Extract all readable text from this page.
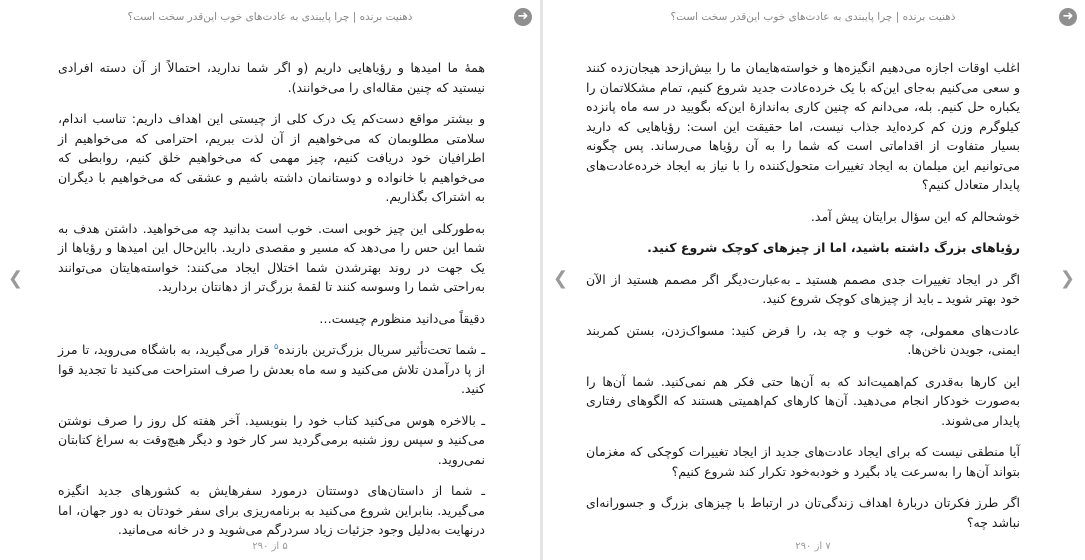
ذهنیت برنده | چرا پایبندی به عادت‌های خوب این‌قدر سخت است؟	➜
❮

همهٔ ما امیدها و رؤیاهایی داریم (و اگر شما ندارید، احتمالاً از آن دسته افرادی نیستید که چنین مقاله‌ای را می‌خوانند).

و بیشتر مواقع دست‌کم یک درک کلی از چیستی این اهداف داریم: تناسب اندام، سلامتی مطلوبمان که می‌خواهیم از آن لذت ببریم، احترامی که می‌خواهیم از اطرافیان خود دریافت کنیم، چیز مهمی که می‌خواهیم خلق کنیم، روابطی که می‌خواهیم با خانواده و دوستانمان داشته باشیم و عشقی که می‌خواهیم با دیگران به اشتراک بگذاریم.

به‌طورکلی این چیز خوبی است. خوب است بدانید چه می‌خواهید. داشتن هدف به شما این حس را می‌دهد که مسیر و مقصدی دارید. بااین‌حال این امیدها و رؤیاها از یک جهت در روند بهترشدن شما اختلال ایجاد می‌کنند: خواسته‌هایتان می‌توانند به‌راحتی شما را وسوسه کنند تا لقمهٔ بزرگ‌تر از دهانتان بردارید.

دقیقاً می‌دانید منظورم چیست…

ـ شما تحت‌تأثیر سریال بزرگ‌ترین بازنده$^۵$ قرار می‌گیرید، به باشگاه می‌روید، تا مرز از پا درآمدن تلاش می‌کنید و سه ماه بعدش را صرف استراحت می‌کنید تا تجدید قوا کنید.

ـ بالاخره هوس می‌کنید کتاب خود را بنویسید. آخر هفته کل روز را صرف نوشتن می‌کنید و سپس روز شنبه برمی‌گردید سر کار خود و دیگر هیچ‌وقت به سراغ کتابتان نمی‌روید.

ـ شما از داستان‌های دوستتان درمورد سفرهایش به کشورهای جدید انگیزه می‌گیرید. بنابراین شروع می‌کنید به برنامه‌ریزی برای سفر خودتان به دور جهان، اما درنهایت به‌دلیل وجود جزئیات زیاد سردرگم می‌شوید و در خانه می‌مانید.

۵ از ۲۹۰
ذهنیت برنده | چرا پایبندی به عادت‌های خوب این‌قدر سخت است؟	➜
❯
❮

اغلب اوقات اجازه می‌دهیم انگیزه‌ها و خواسته‌هایمان ما را بیش‌ازحد هیجان‌زده کنند و سعی می‌کنیم به‌جای این‌که با یک خرده‌عادت جدید شروع کنیم، تمام مشکلاتمان را یکباره حل کنیم. بله، می‌دانم که چنین کاری به‌اندازهٔ این‌که بگویید در سه ماه پانزده کیلوگرم وزن کم کرده‌اید جذاب نیست، اما حقیقت این است: رؤیاهایی که دارید بسیار متفاوت از اقداماتی است که شما را به آن رؤیاها می‌رساند. پس چگونه می‌توانیم این میلمان به ایجاد تغییرات متحول‌کننده را با نیاز به ایجاد خرده‌عادت‌های پایدار متعادل کنیم؟

خوشحالم که این سؤال برایتان پیش آمد.

رؤیاهای بزرگ داشته باشید، اما از چیزهای کوچک شروع کنید.

اگر در ایجاد تغییرات جدی مصمم هستید ـ به‌عبارت‌دیگر اگر مصمم هستید از الآن خود بهتر شوید ـ باید از چیزهای کوچک شروع کنید.

عادت‌های معمولی، چه خوب و چه بد، را فرض کنید: مسواک‌زدن، بستن کمربند ایمنی، جویدن ناخن‌ها.

این کارها به‌قدری کم‌اهمیت‌اند که به آن‌ها حتی فکر هم نمی‌کنید. شما آن‌ها را به‌صورت خودکار انجام می‌دهید. آن‌ها کارهای کم‌اهمیتی هستند که الگوهای رفتاری پایدار می‌شوند.

آیا منطقی نیست که برای ایجاد عادت‌های جدید از ایجاد تغییرات کوچکی که مغزمان بتواند آن‌ها را به‌سرعت یاد بگیرد و خودبه‌خود تکرار کند شروع کنیم؟

اگر طرز فکرتان دربارهٔ اهداف زندگی‌تان در ارتباط با چیزهای بزرگ و جسورانه‌ای نباشد چه؟

۷ از ۲۹۰
